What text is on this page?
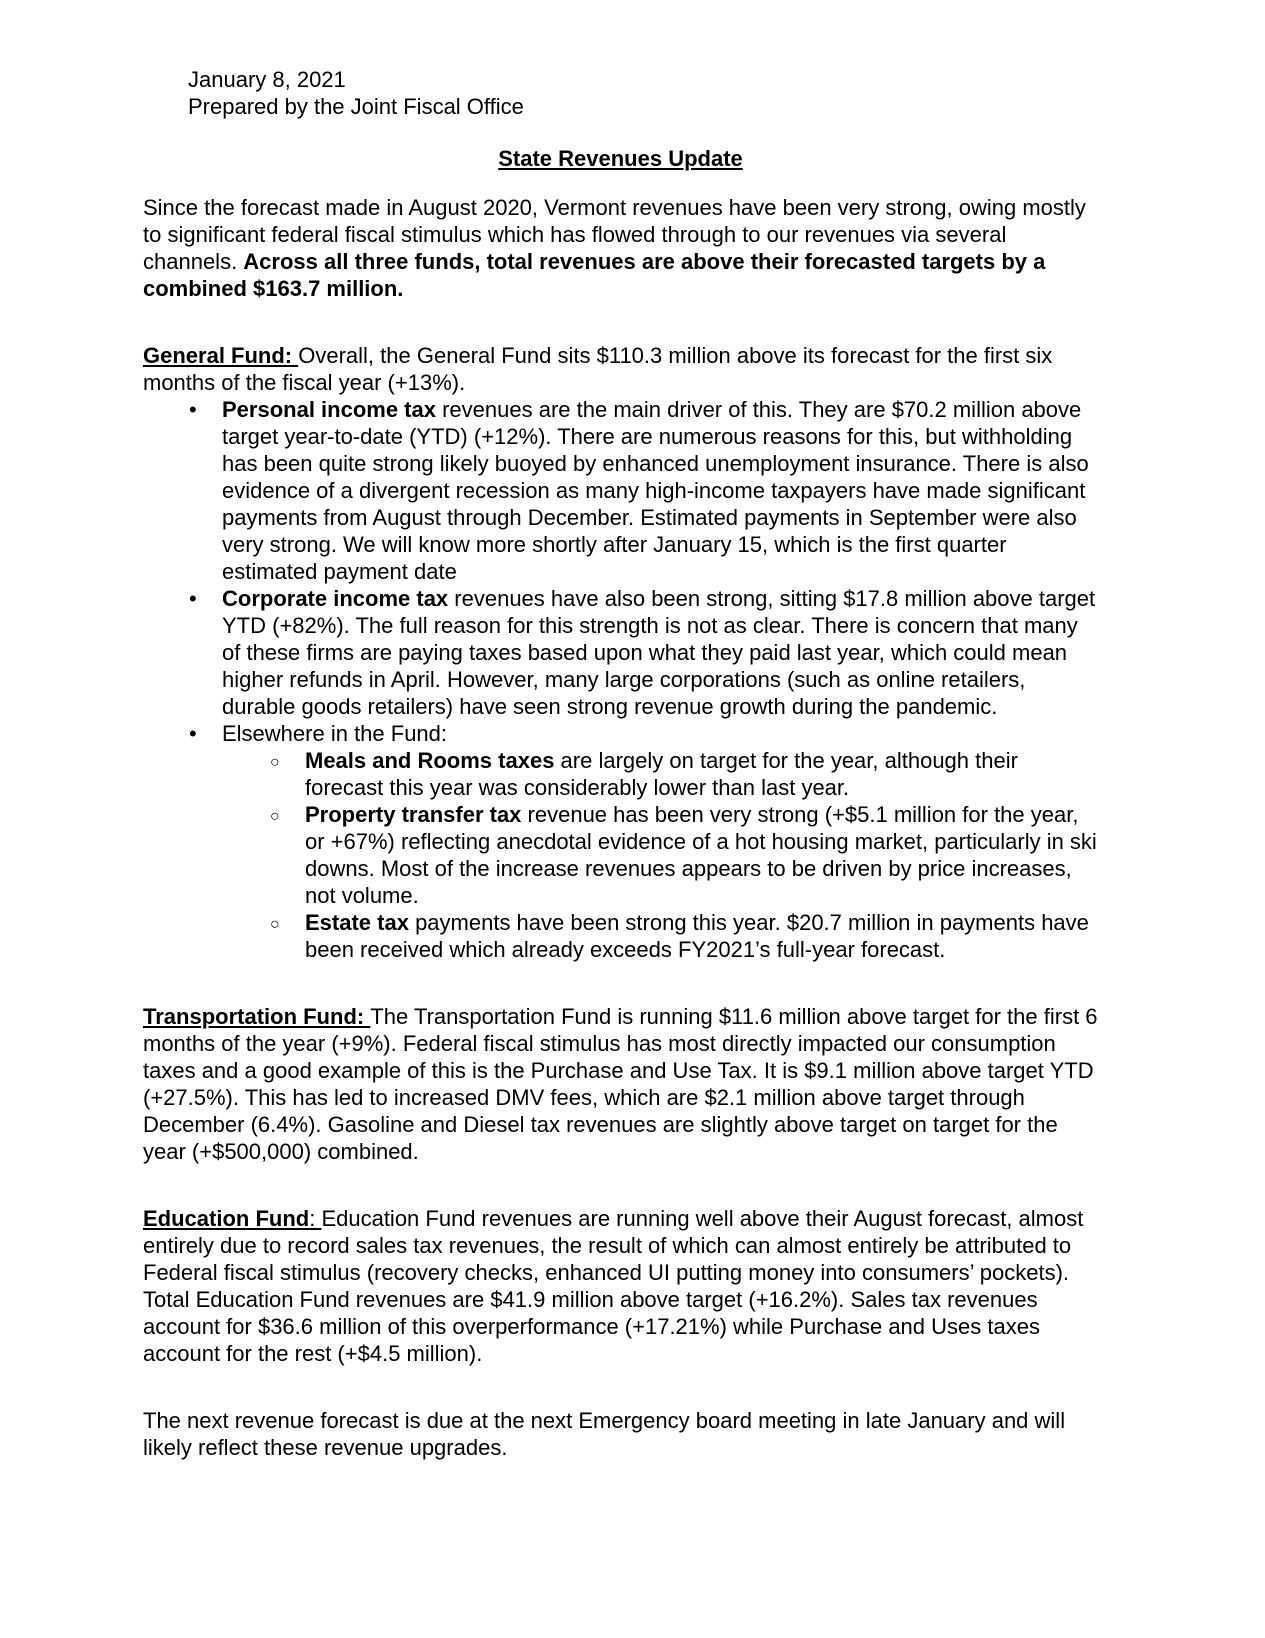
January 8, 2021
Prepared by the Joint Fiscal Office
State Revenues Update

Since the forecast made in August 2020, Vermont revenues have been very strong, owing mostly to significant federal fiscal stimulus which has flowed through to our revenues via several channels. Across all three funds, total revenues are above their forecasted targets by a combined $163.7 million.

General Fund: Overall, the General Fund sits $110.3 million above its forecast for the first six months of the fiscal year (+13%).

• Personal income tax revenues are the main driver of this. They are $70.2 million above target year-to-date (YTD) (+12%). There are numerous reasons for this, but withholding has been quite strong likely buoyed by enhanced unemployment insurance. There is also evidence of a divergent recession as many high-income taxpayers have made significant payments from August through December. Estimated payments in September were also very strong. We will know more shortly after January 15, which is the first quarter estimated payment date
• Corporate income tax revenues have also been strong, sitting $17.8 million above target YTD (+82%). The full reason for this strength is not as clear. There is concern that many of these firms are paying taxes based upon what they paid last year, which could mean higher refunds in April. However, many large corporations (such as online retailers, durable goods retailers) have seen strong revenue growth during the pandemic.
• Elsewhere in the Fund:
○ Meals and Rooms taxes are largely on target for the year, although their forecast this year was considerably lower than last year.
○ Property transfer tax revenue has been very strong (+$5.1 million for the year, or +67%) reflecting anecdotal evidence of a hot housing market, particularly in ski downs. Most of the increase revenues appears to be driven by price increases, not volume.
○ Estate tax payments have been strong this year. $20.7 million in payments have been received which already exceeds FY2021’s full-year forecast.

Transportation Fund: The Transportation Fund is running $11.6 million above target for the first 6 months of the year (+9%). Federal fiscal stimulus has most directly impacted our consumption taxes and a good example of this is the Purchase and Use Tax. It is $9.1 million above target YTD (+27.5%). This has led to increased DMV fees, which are $2.1 million above target through December (6.4%). Gasoline and Diesel tax revenues are slightly above target on target for the year (+$500,000) combined.

Education Fund: Education Fund revenues are running well above their August forecast, almost entirely due to record sales tax revenues, the result of which can almost entirely be attributed to Federal fiscal stimulus (recovery checks, enhanced UI putting money into consumers’ pockets). Total Education Fund revenues are $41.9 million above target (+16.2%). Sales tax revenues account for $36.6 million of this overperformance (+17.21%) while Purchase and Uses taxes account for the rest (+$4.5 million).

The next revenue forecast is due at the next Emergency board meeting in late January and will likely reflect these revenue upgrades.
